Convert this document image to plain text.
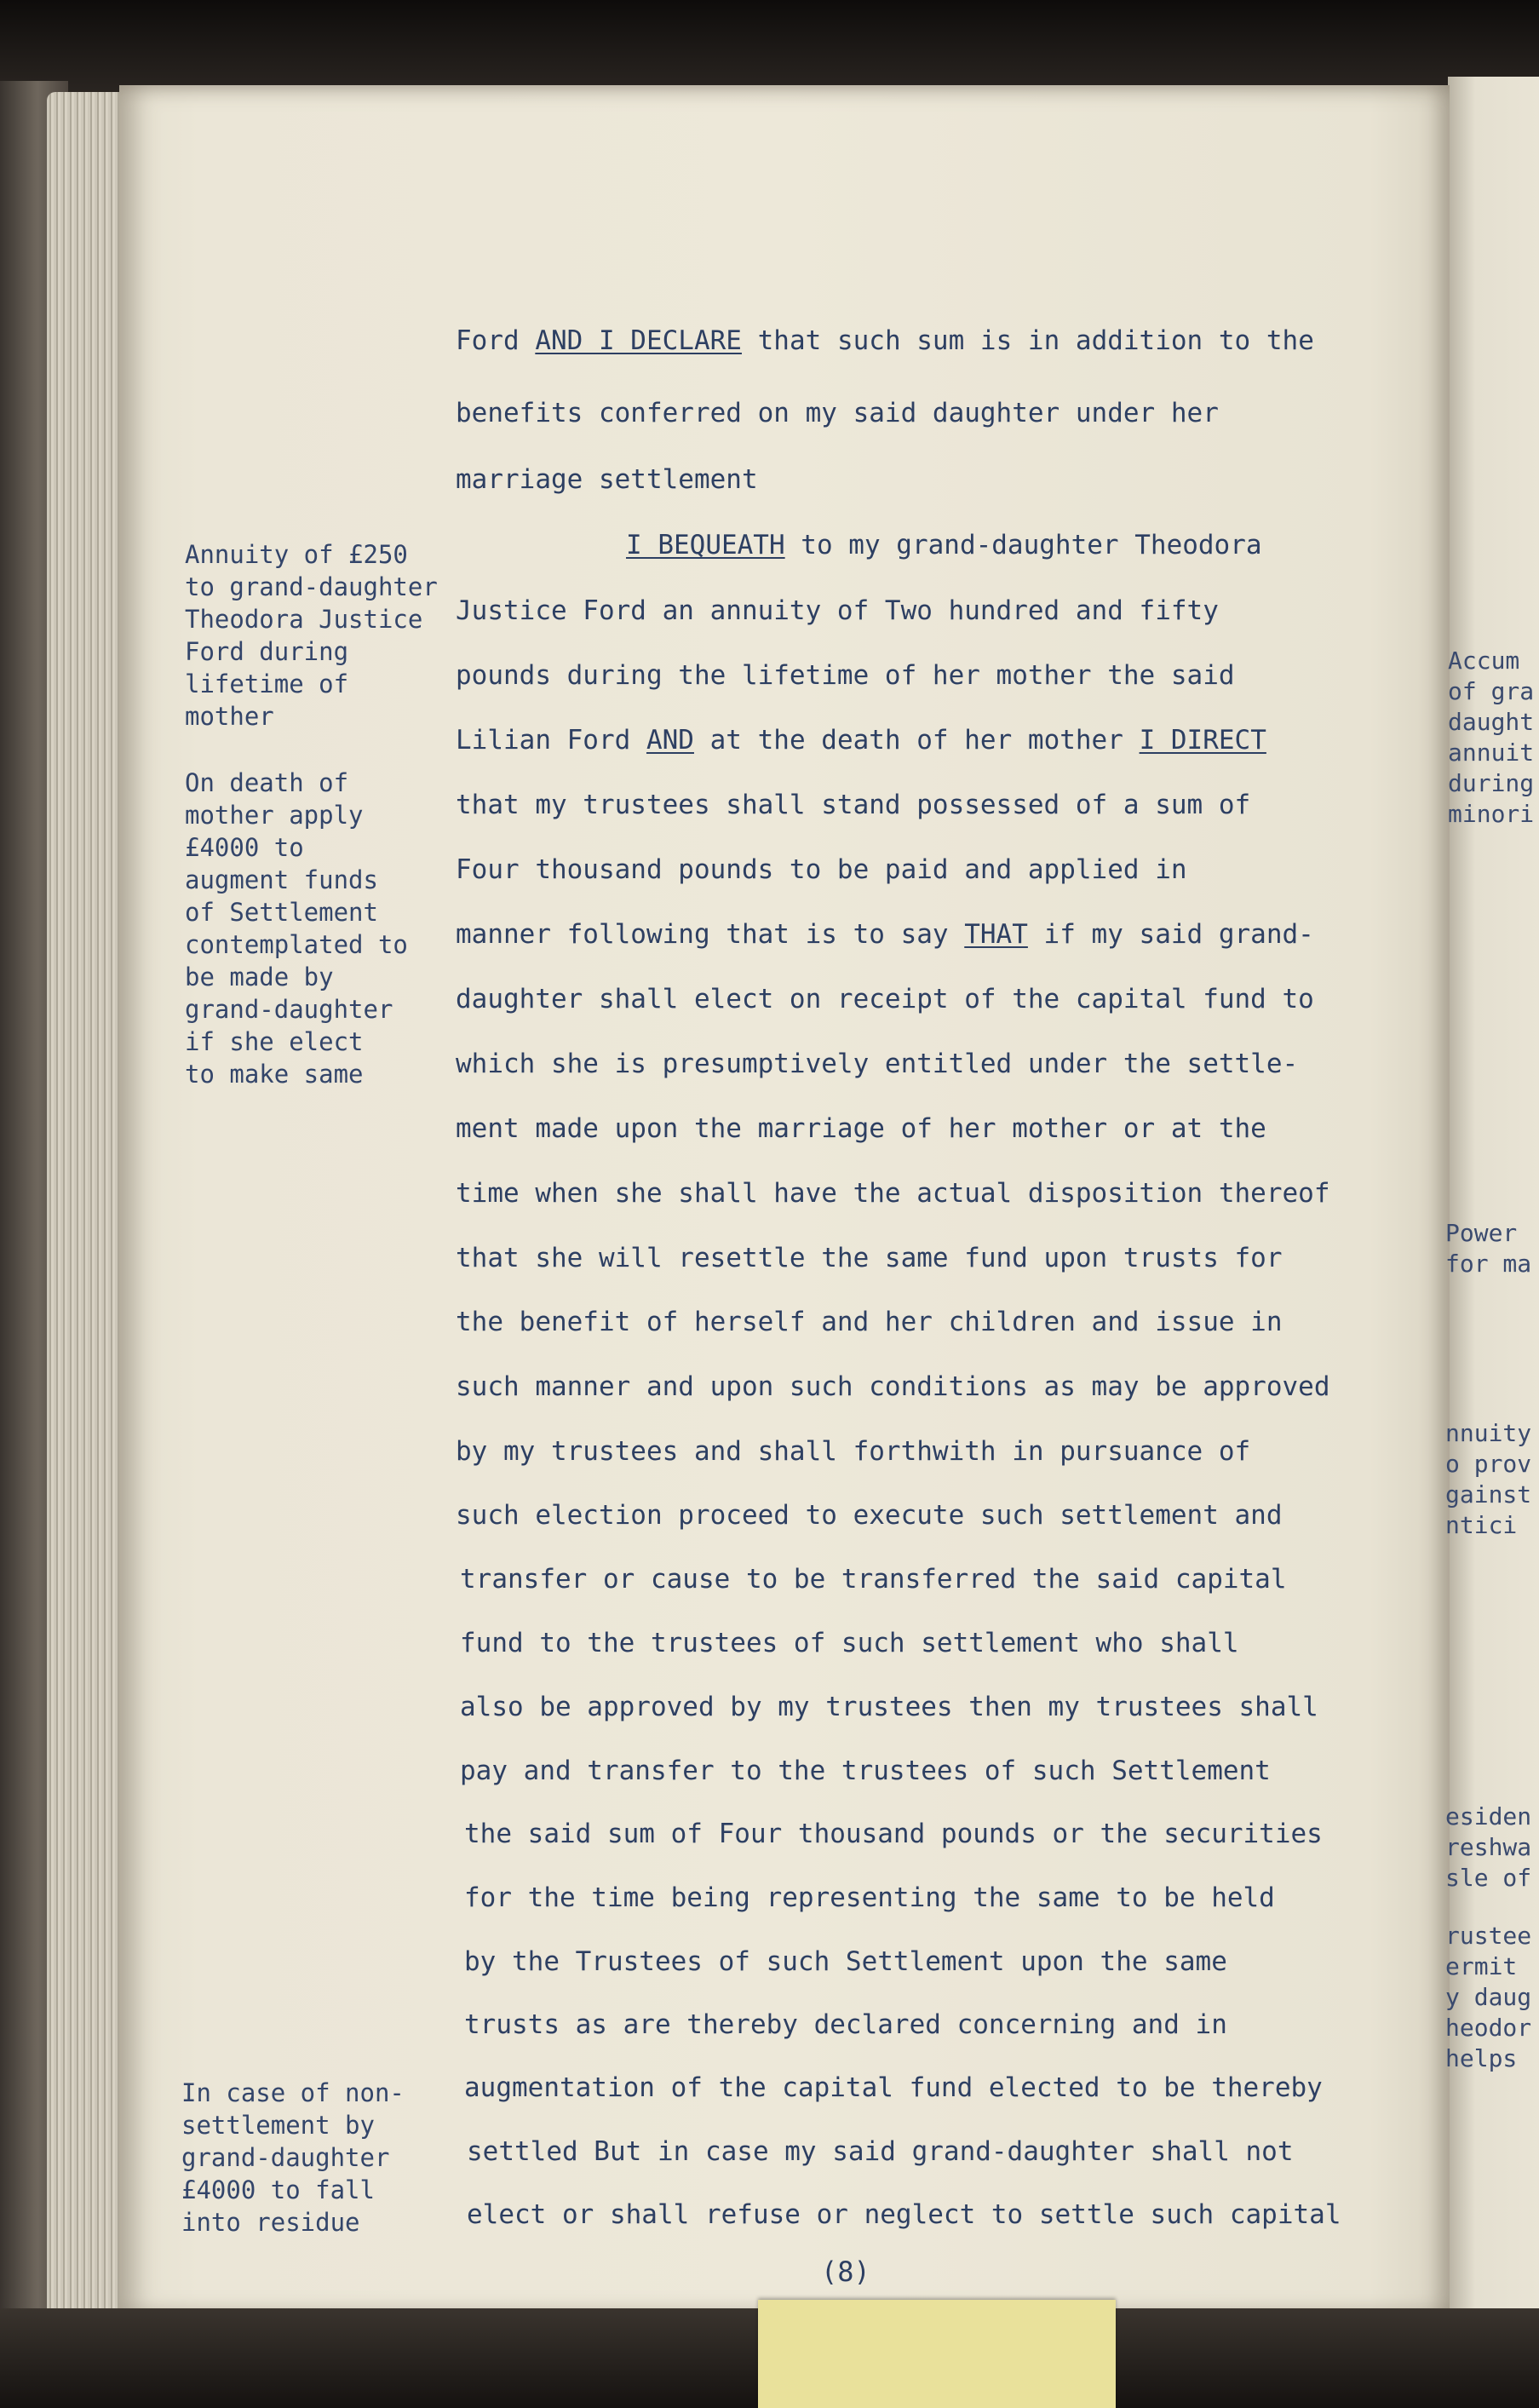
Ford AND I DECLARE that such sum is in addition to the
benefits conferred on my said daughter under her
marriage settlement
I BEQUEATH to my grand-daughter Theodora
Justice Ford an annuity of Two hundred and fifty
pounds during the lifetime of her mother the said
Lilian Ford AND at the death of her mother I DIRECT
that my trustees shall stand possessed of a sum of
Four thousand pounds to be paid and applied in
manner following that is to say THAT if my said grand-
daughter shall elect on receipt of the capital fund to
which she is presumptively entitled under the settle-
ment made upon the marriage of her mother or at the
time when she shall have the actual disposition thereof
that she will resettle the same fund upon trusts for
the benefit of herself and her children and issue in
such manner and upon such conditions as may be approved
by my trustees and shall forthwith in pursuance of
such election proceed to execute such settlement and
transfer or cause to be transferred the said capital
fund to the trustees of such settlement who shall
also be approved by my trustees then my trustees shall
pay and transfer to the trustees of such Settlement
the said sum of Four thousand pounds or the securities
for the time being representing the same to be held
by the Trustees of such Settlement upon the same
trusts as are thereby declared concerning and in
augmentation of the capital fund elected to be thereby
settled But in case my said grand-daughter shall not
elect or shall refuse or neglect to settle such capital
Annuity of £250
to grand-daughter
Theodora Justice
Ford during
lifetime of
mother
On death of
mother apply
£4000 to
augment funds
of Settlement
contemplated to
be made by
grand-daughter
if she elect
to make same
In case of non-
settlement by
grand-daughter
£4000 to fall
into residue
Accum
of gra
daught
annuit
during
minori
Power
for ma
nnuity
o prov
gainst
ntici
esiden
reshwa
sle of
rustee
ermit
y daug
heodor
helps
(8)
